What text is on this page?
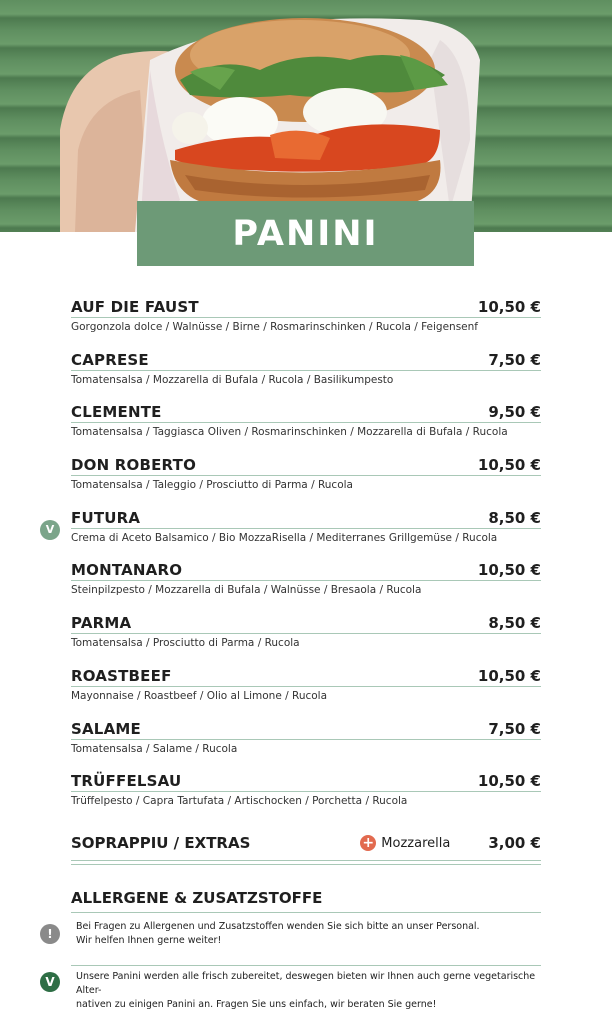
PANINI
AUF DIE FAUST	10,50 €
Gorgonzola dolce / Walnüsse / Birne / Rosmarinschinken / Rucola / Feigensenf
CAPRESE	7,50 €
Tomatensalsa / Mozzarella di Bufala / Rucola / Basilikumpesto
CLEMENTE	9,50 €
Tomatensalsa / Taggiasca Oliven / Rosmarinschinken / Mozzarella di Bufala / Rucola
DON ROBERTO	10,50 €
Tomatensalsa / Taleggio / Prosciutto di Parma / Rucola
V
FUTURA	8,50 €
Crema di Aceto Balsamico / Bio MozzaRisella / Mediterranes Grillgemüse / Rucola
MONTANARO	10,50 €
Steinpilzpesto / Mozzarella di Bufala / Walnüsse / Bresaola / Rucola
PARMA	8,50 €
Tomatensalsa / Prosciutto di Parma / Rucola
ROASTBEEF	10,50 €
Mayonnaise / Roastbeef / Olio al Limone / Rucola
SALAME	7,50 €
Tomatensalsa / Salame / Rucola
TRÜFFELSAU	10,50 €
Trüffelpesto / Capra Tartufata / Artischocken / Porchetta / Rucola
SOPRAPPIU / EXTRAS	+ Mozzarella	3,00 €
ALLERGENE & ZUSATZSTOFFE
!
Bei Fragen zu Allergenen und Zusatzstoffen wenden Sie sich bitte an unser Personal.
Wir helfen Ihnen gerne weiter!
V	Unsere Panini werden alle frisch zubereitet, deswegen bieten wir Ihnen auch gerne vegetarische Alter-
nativen zu einigen Panini an. Fragen Sie uns einfach, wir beraten Sie gerne!
